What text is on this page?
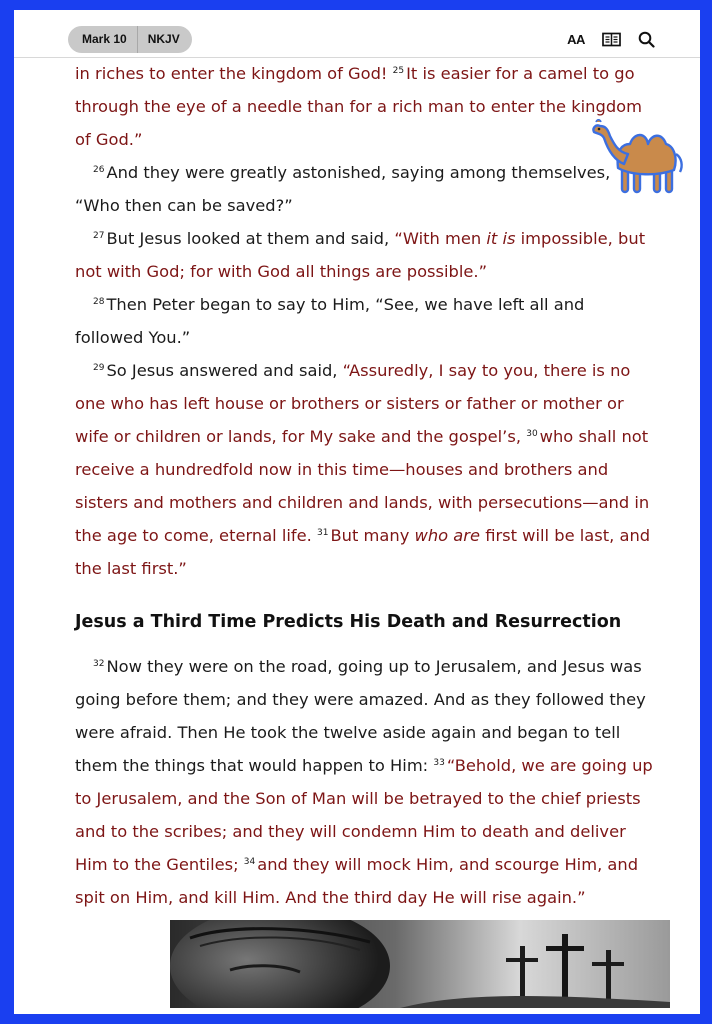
Mark 10	NKJV	AA

in riches to enter the kingdom of God! $^{25}$ It is easier for a camel to go through the eye of a needle than for a rich man to enter the kingdom of God.”

$^{26}$ And they were greatly astonished, saying among themselves, “Who then can be saved?”

$^{27}$ But Jesus looked at them and said, “With men it is impossible, but not with God; for with God all things are possible.”

$^{28}$ Then Peter began to say to Him, “See, we have left all and followed You.”

$^{29}$ So Jesus answered and said, “Assuredly, I say to you, there is no one who has left house or brothers or sisters or father or mother or wife or children or lands, for My sake and the gospel’s, $^{30}$ who shall not receive a hundredfold now in this time—houses and brothers and sisters and mothers and children and lands, with persecutions—and in the age to come, eternal life. $^{31}$ But many who are first will be last, and the last first.”

Jesus a Third Time Predicts His Death and Resurrection

$^{32}$ Now they were on the road, going up to Jerusalem, and Jesus was going before them; and they were amazed. And as they followed they were afraid. Then He took the twelve aside again and began to tell them the things that would happen to Him: $^{33}$ “Behold, we are going up to Jerusalem, and the Son of Man will be betrayed to the chief priests and to the scribes; and they will condemn Him to death and deliver Him to the Gentiles; $^{34}$ and they will mock Him, and scourge Him, and spit on Him, and kill Him. And the third day He will rise again.”
